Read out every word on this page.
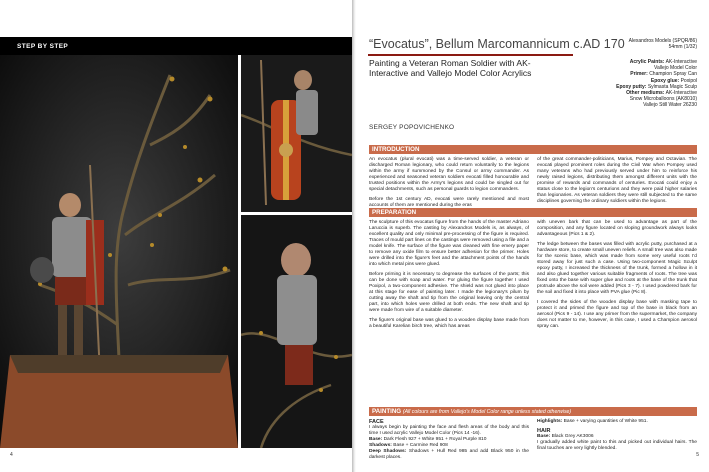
STEP BY STEP
4
“Evocatus”, Bellum Marcomannicum c.AD 170 Alexandros Models (SPQR/86)
54mm (1/32)
Painting a Veteran Roman Soldier with AK-Interactive and Vallejo Model Color Acrylics
Acrylic Paints: AK-Interactive
Vallejo Model Color
Primer: Champion Spray Can
Epoxy glue: Poxipol
Epoxy putty: Sylmasta Magic Sculp
Other mediums: AK-Interactive
Snow Microballoons (AK8010)
Vallejo Still Water 26230
SERGEY POPOVICHENKO
INTRODUCTION

An evocatus (plural evocati) was a time-served soldier, a veteran or discharged Roman legionary, who could return voluntarily to the legions within the army if summoned by the Consul or army commander. As experienced and seasoned veteran soldiers evocati filled honourable and trusted positions within the Army's legions and could be singled out for special detachments, such as personal guards to legion commanders.

Before the 1st century AD, evocati were rarely mentioned and most accounts of them are mentioned during the eras

of the great commander-politicians, Marius, Pompey and Octavian. The evocati played prominent roles during the Civil War when Pompey used many veterans who had previously served under him to reinforce his newly raised legions, distributing them amongst different units with the promise of rewards and commands of centuries. Evocati could enjoy a status close to the legion's centurions and they were paid higher salaries than legionaries. As veteran soldiers they were still subjected to the same disciplines governing the ordinary soldiers within the legions.

PREPARATION

The sculpture of this evocatus figure from the hands of the master Adriano Laruccia is superb. The casting by Alexandros Models is, as always, of excellent quality and only minimal pre-processing of the figure is required. Traces of mould part lines on the castings were removed using a file and a model knife. The surface of the figure was cleaned with fine emery paper to remove any oxide film to ensure better adhesion for the primer. Holes were drilled into the figure's feet and the attachment points of the hands into which metal pins were glued.

Before priming it is necessary to degrease the surfaces of the parts; this can be done with soap and water. For gluing the figure together I used Poxipol, a two-component adhesive. The shield was not glued into place at this stage for ease of painting later. I made the legionary's pilum by cutting away the shaft and tip from the original leaving only the central part, into which holes were drilled at both ends. The new shaft and tip were made from wire of a suitable diameter.

The figure's original base was glued to a wooden display base made from a beautiful Karelian birch tree, which has areas

with uneven bark that can be used to advantage as part of the composition, and any figure located on sloping groundwork always looks advantageous (Pics 1 & 2).

The ledge between the bases was filled with acrylic putty, purchased at a hardware store, to create small uneven reliefs. A small tree was also made for the scenic base, which was made from some very useful roots I'd stored away for just such a case. Using two-component Magic Sculpt epoxy putty, I increased the thickness of the trunk, formed a hollow in it and also glued together various suitable fragments of roots. The tree was fixed onto the base with super glue and roots at the base of the trunk that protrude above the soil were added (Pics 3 - 7). I used powdered bark for the soil and fixed it into place with PVA glue (Pic 8).

I covered the sides of the wooden display base with masking tape to protect it and primed the figure and top of the base in black from an aerosol (Pics 9 - 14). I use any primer from the supermarket, the company does not matter to me, however, in this case, I used a Champion aerosol spray can.

PAINTING (All colours are from Vallejo's Model Color range unless stated otherwise)
FACE
I always begin by painting the face and flesh areas of the body and this time I used acrylic Vallejo Model Color (Pics 14 -16).
Base: Dark Flesh 927 + White 951 + Royal Purple 810
Shadows: Base + Carmine Red 908
Deep Shadows: Shadows + Hull Red 985 and add Black 950 in the darkest places.
Highlights: Base + varying quantities of White 951.
HAIR
Base: Black Grey AK3006
I gradually added white paint to this and picked out individual hairs. The final touches are very lightly blended.
5
